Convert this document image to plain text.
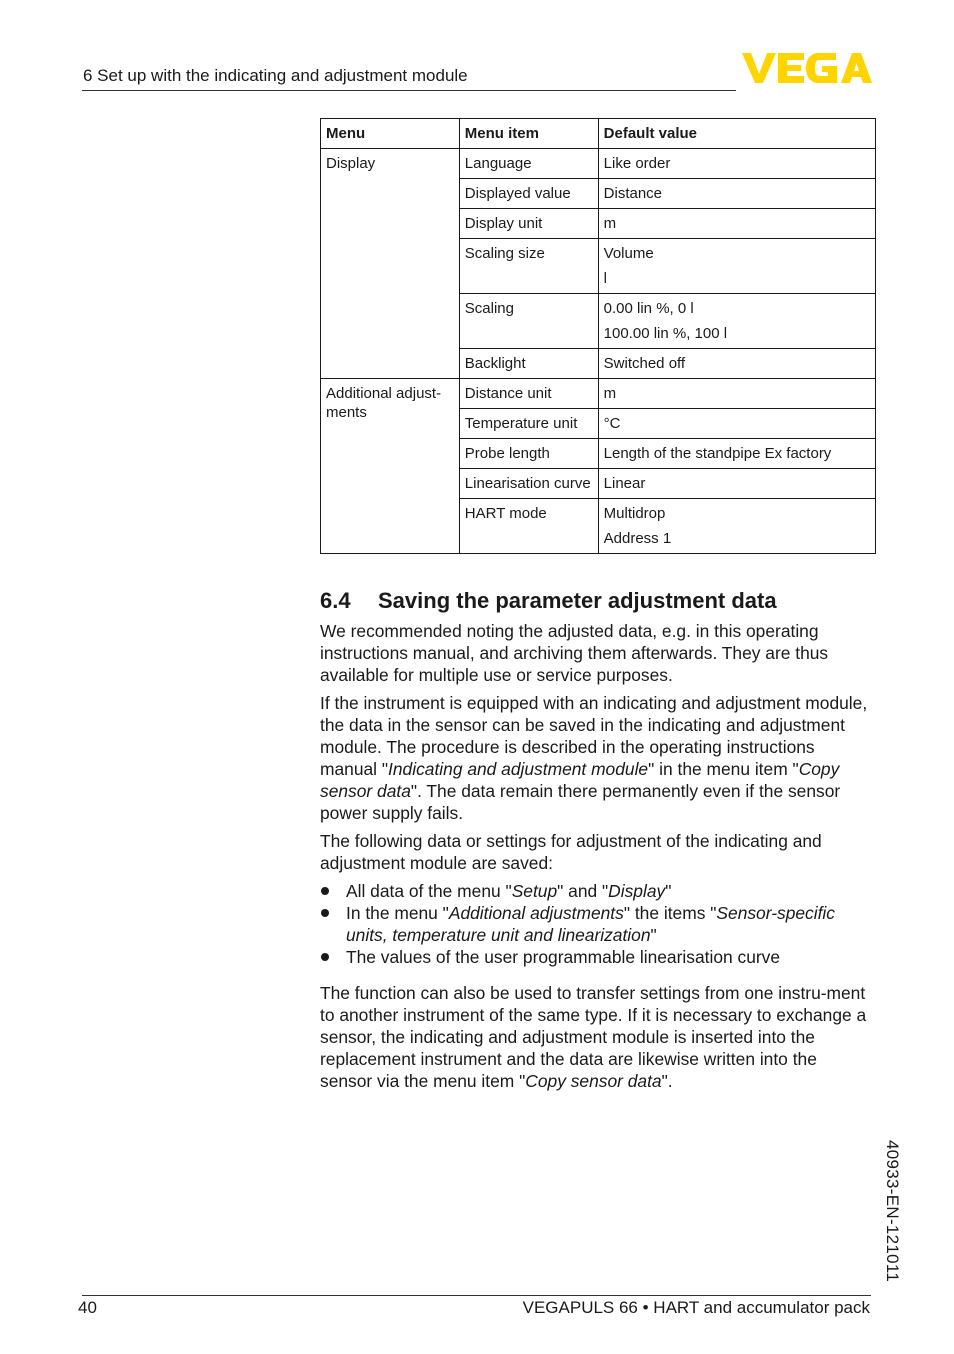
6 Set up with the indicating and adjustment module
Menu	Menu item	Default value
Display	Language	Like order
	Displayed value	Distance
	Display unit	m
	Scaling size	Volume
l

	Scaling	0.00 lin %, 0 l
100.00 lin %, 100 l

	Backlight	Switched off
Additional adjust-ments	Distance unit	m
	Temperature unit	°C
	Probe length	Length of the standpipe Ex factory
	Linearisation curve	Linear
	HART mode	Multidrop
Address 1
6.4 Saving the parameter adjustment data

We recommended noting the adjusted data, e.g. in this operating instructions manual, and archiving them afterwards. They are thus available for multiple use or service purposes.

If the instrument is equipped with an indicating and adjustment module, the data in the sensor can be saved in the indicating and adjustment module. The procedure is described in the operating instructions manual "Indicating and adjustment module" in the menu item "Copy sensor data". The data remain there permanently even if the sensor power supply fails.

The following data or settings for adjustment of the indicating and adjustment module are saved:

All data of the menu "Setup" and "Display"
In the menu "Additional adjustments" the items "Sensor-specific units, temperature unit and linearization"
The values of the user programmable linearisation curve

The function can also be used to transfer settings from one instru-ment to another instrument of the same type. If it is necessary to exchange a sensor, the indicating and adjustment module is inserted into the replacement instrument and the data are likewise written into the sensor via the menu item "Copy sensor data".

40933-EN-121011
40	VEGAPULS 66 • HART and accumulator pack
